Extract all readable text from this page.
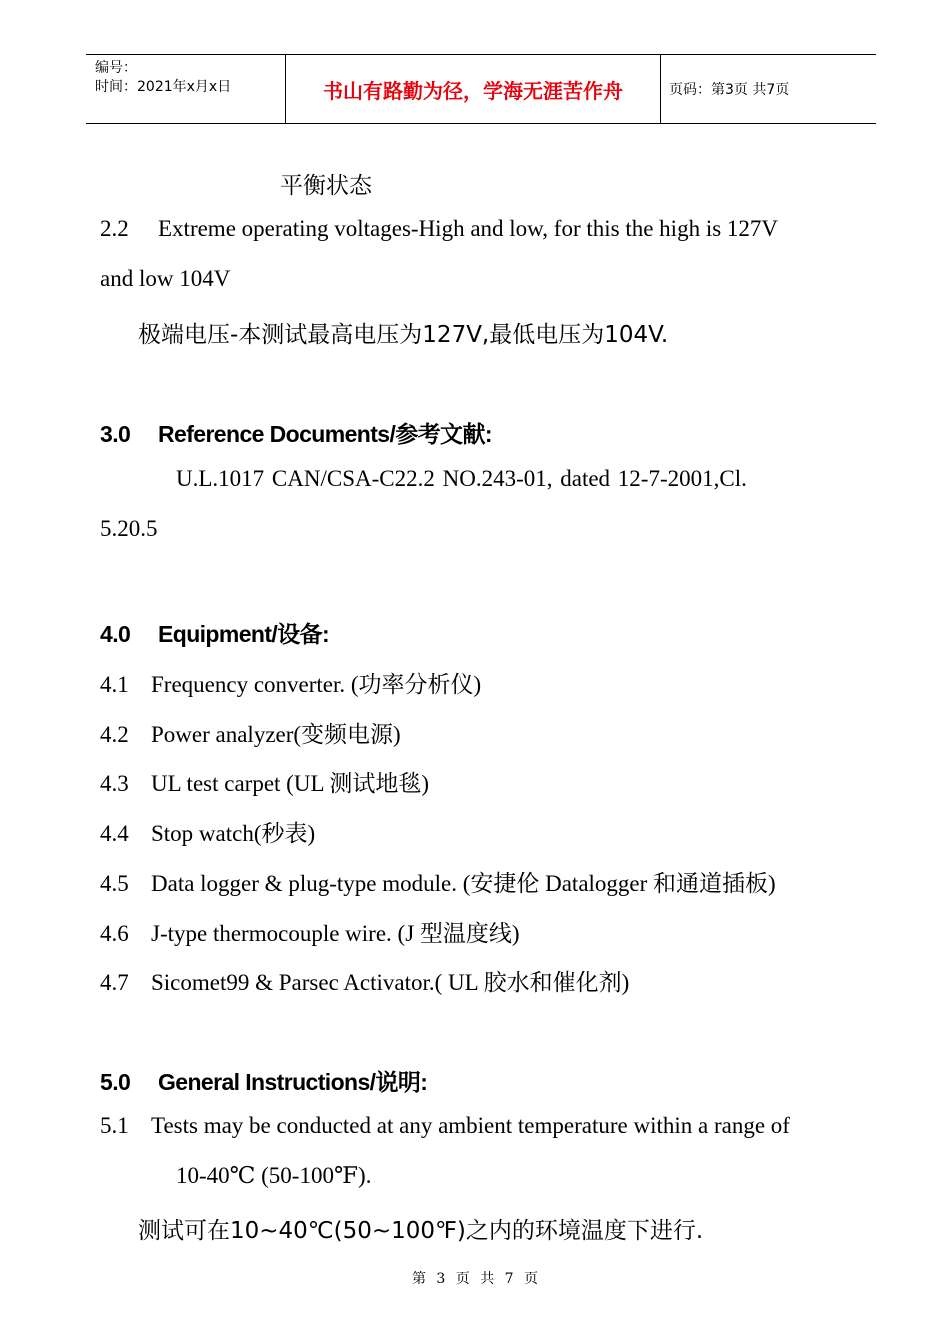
编号：
时间：2021年x月x日	书山有路勤为径，学海无涯苦作舟	页码：第3页 共7页
平衡状态
2.2 Extreme operating voltages-High and low, for this the high is 127V
and low 104V
极端电压-本测试最高电压为127V,最低电压为104V.
3.0 Reference Documents/参考文献:
U.L.1017 CAN/CSA-C22.2 NO.243-01, dated 12-7-2001,Cl.
5.20.5
4.0 Equipment/设备:
4.1 Frequency converter. (功率分析仪)
4.2 Power analyzer(变频电源)
4.3 UL test carpet (UL 测试地毯)
4.4 Stop watch(秒表)
4.5 Data logger & plug-type module. (安捷伦 Datalogger 和通道插板)
4.6 J-type thermocouple wire. (J 型温度线)
4.7 Sicomet99 & Parsec Activator.( UL 胶水和催化剂)
5.0 General Instructions/说明:
5.1 Tests may be conducted at any ambient temperature within a range of
10-40℃ (50-100℉).
测试可在10~40℃(50~100℉)之内的环境温度下进行.
第 3 页 共 7 页
